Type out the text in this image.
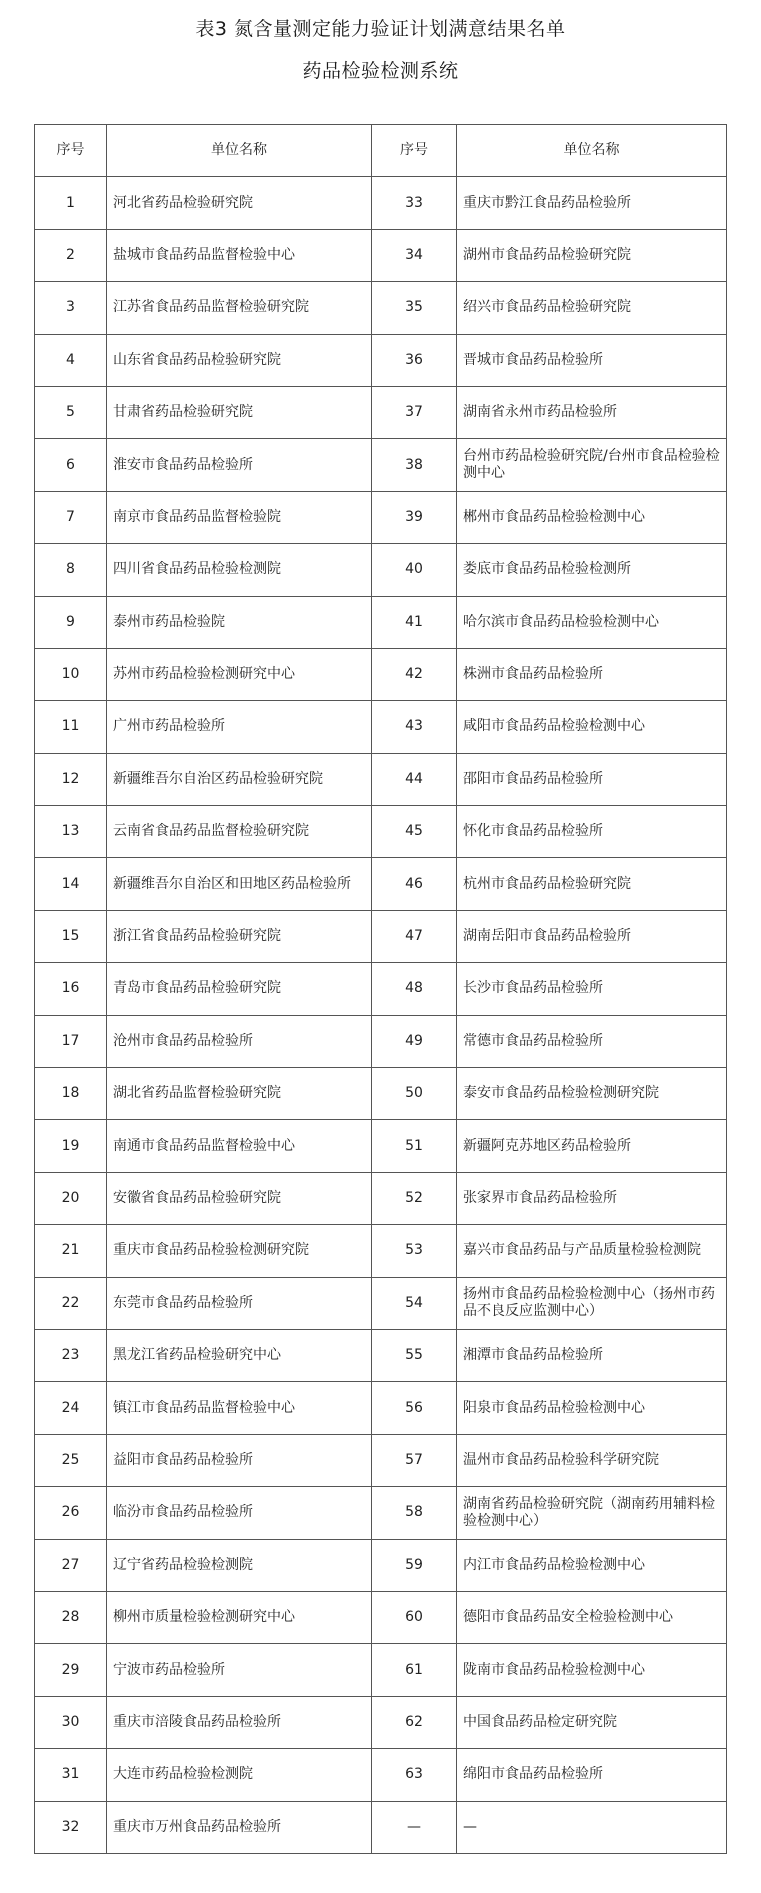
表3 氮含量测定能力验证计划满意结果名单
药品检验检测系统
序号	单位名称	序号	单位名称
1	河北省药品检验研究院	33	重庆市黔江食品药品检验所
2	盐城市食品药品监督检验中心	34	湖州市食品药品检验研究院
3	江苏省食品药品监督检验研究院	35	绍兴市食品药品检验研究院
4	山东省食品药品检验研究院	36	晋城市食品药品检验所
5	甘肃省药品检验研究院	37	湖南省永州市药品检验所
6	淮安市食品药品检验所	38	台州市药品检验研究院/台州市食品检验检测中心
7	南京市食品药品监督检验院	39	郴州市食品药品检验检测中心
8	四川省食品药品检验检测院	40	娄底市食品药品检验检测所
9	泰州市药品检验院	41	哈尔滨市食品药品检验检测中心
10	苏州市药品检验检测研究中心	42	株洲市食品药品检验所
11	广州市药品检验所	43	咸阳市食品药品检验检测中心
12	新疆维吾尔自治区药品检验研究院	44	邵阳市食品药品检验所
13	云南省食品药品监督检验研究院	45	怀化市食品药品检验所
14	新疆维吾尔自治区和田地区药品检验所	46	杭州市食品药品检验研究院
15	浙江省食品药品检验研究院	47	湖南岳阳市食品药品检验所
16	青岛市食品药品检验研究院	48	长沙市食品药品检验所
17	沧州市食品药品检验所	49	常德市食品药品检验所
18	湖北省药品监督检验研究院	50	泰安市食品药品检验检测研究院
19	南通市食品药品监督检验中心	51	新疆阿克苏地区药品检验所
20	安徽省食品药品检验研究院	52	张家界市食品药品检验所
21	重庆市食品药品检验检测研究院	53	嘉兴市食品药品与产品质量检验检测院
22	东莞市食品药品检验所	54	扬州市食品药品检验检测中心（扬州市药品不良反应监测中心）
23	黑龙江省药品检验研究中心	55	湘潭市食品药品检验所
24	镇江市食品药品监督检验中心	56	阳泉市食品药品检验检测中心
25	益阳市食品药品检验所	57	温州市食品药品检验科学研究院
26	临汾市食品药品检验所	58	湖南省药品检验研究院（湖南药用辅料检验检测中心）
27	辽宁省药品检验检测院	59	内江市食品药品检验检测中心
28	柳州市质量检验检测研究中心	60	德阳市食品药品安全检验检测中心
29	宁波市药品检验所	61	陇南市食品药品检验检测中心
30	重庆市涪陵食品药品检验所	62	中国食品药品检定研究院
31	大连市药品检验检测院	63	绵阳市食品药品检验所
32	重庆市万州食品药品检验所	—	—
